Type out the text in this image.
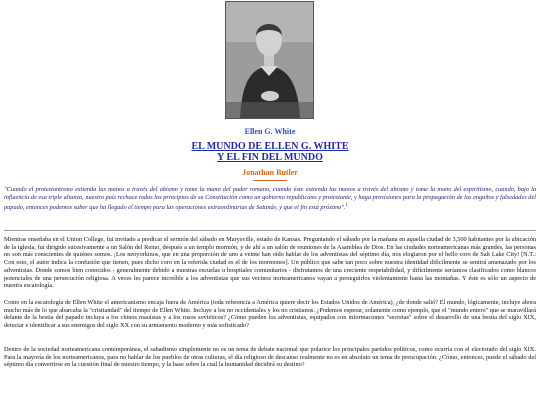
Ellen G. White
EL MUNDO DE ELLEN G. WHITE
Y EL FIN DEL MUNDO
Jonathan Butler
"Cuando el protestantismo extienda las manos a través del abismo y tome la mano del poder romano, cuando éste extienda las manos a través del abismo y tome la mano del espiritismo, cuando, bajo la influencia de esa triple alianza, nuestro país rechace todos los principios de su Constitución como un gobierno republicano y protestante, y haga provisiones para la propagación de los engaños y falsedades del papado, entonces podemos saber que ha llegado el tiempo para las operaciones extraordinarias de Satanás, y que el fin está próximo".$^1$
Mientras enseñaba en el Union College, fui invitado a predicar el sermón del sábado en Marysville, estado de Kansas. Preguntando el sábado por la mañana en aquella ciudad de 3,500 habitantes por la ubicación de la iglesia, fui dirigido sucesivamente a un Salón del Reino, después a un templo mormón, y de ahí a un salón de reuniones de la Asamblea de Dios. En las ciudades norteamericanas más grandes, las personas no son más conscientes de quiénes somos. ¡Los neoyorkinos, que en una proporción de uno a veinte han oído hablar de los adventistas del séptimo día, nos elogiaron por el bello coro de Salt Lake City! [N.T.: Con esto, el autor indica la confusión que tienen, pues dicho coro en la referida ciudad es el de los mormones]. Un público que sabe tan poco sobre nuestra identidad difícilmente se sentirá amenazado por los adventistas. Donde somos bien conocidos - generalmente debido a nuestras escuelas u hospitales comunitarios - disfrutamos de una creciente respetabilidad, y difícilmente seríamos clasificados como blancos potenciales de una persecución religiosa. A veces les parece increíble a los adventistas que sus vecinos norteamericanos vayan a perseguirlos violentamente hasta las montañas. Y éste es sólo un aspecto de nuestra escatología.
Como en la escatología de Ellen White el americanismo encaja fuera de América (toda referencia a América quiere decir los Estados Unidos de América), ¿de donde salió? El mundo, lógicamente, incluye ahora mucho más de lo que abarcaba la "cristiandad" del tiempo de Ellen White. Incluye a los no occidentales y los no cristianos. ¿Podemos esperar, solamente como ejemplo, que el "mundo entero" que se maravillará delante de la bestia del papado incluya a los chinos maoístas y a los rusos soviéticos? ¿Cómo pueden los adventistas, equipados con informaciones "secretas" sobre el desarrollo de una bestia del siglo XIX, detectar e identificar a sus enemigos del siglo XX con su armamento moderno y más sofisticado?
Dentro de la sociedad norteamericana contemporánea, el sabadismo simplemente no es un tema de debate nacional que polarice los principales partidos políticos, como ocurría con el electorado del siglo XIX. Para la mayoría de los norteamericanos, para no hablar de los pueblos de otras culturas, el día religioso de descanso realmente no es en absoluto un tema de preocupación. ¿Cómo, entonces, puede el sábado del séptimo día convertirse en la cuestión final de nuestro tiempo, y la base sobre la cual la humanidad decidirá su destino?
